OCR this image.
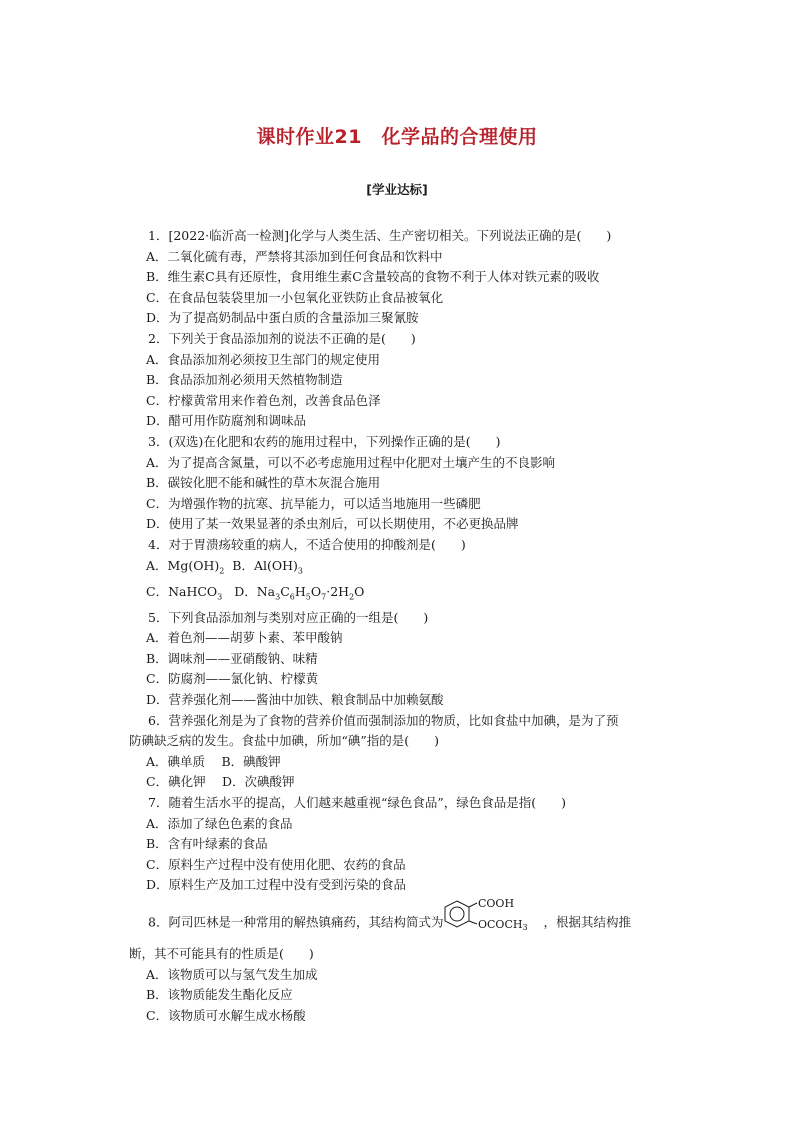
课时作业21　化学品的合理使用
[学业达标]
1．[2022·临沂高一检测]化学与人类生活、生产密切相关。下列说法正确的是(　　)
A．二氧化硫有毒，严禁将其添加到任何食品和饮料中
B．维生素C具有还原性，食用维生素C含量较高的食物不利于人体对铁元素的吸收
C．在食品包装袋里加一小包氧化亚铁防止食品被氧化
D．为了提高奶制品中蛋白质的含量添加三聚氰胺
2．下列关于食品添加剂的说法不正确的是(　　)
A．食品添加剂必须按卫生部门的规定使用
B．食品添加剂必须用天然植物制造
C．柠檬黄常用来作着色剂，改善食品色泽
D．醋可用作防腐剂和调味品
3．(双选)在化肥和农药的施用过程中，下列操作正确的是(　　)
A．为了提高含氮量，可以不必考虑施用过程中化肥对土壤产生的不良影响
B．碳铵化肥不能和碱性的草木灰混合施用
C．为增强作物的抗寒、抗旱能力，可以适当地施用一些磷肥
D．使用了某一效果显著的杀虫剂后，可以长期使用，不必更换品牌
4．对于胃溃疡较重的病人，不适合使用的抑酸剂是(　　)
A．$Mg(OH)_2$ B．$Al(OH)_3$
C．NaHCO$_3$ D．$Na_3C_6H_5O_7\cdot 2H_2O$
5．下列食品添加剂与类别对应正确的一组是(　　)
A．着色剂——胡萝卜素、苯甲酸钠
B．调味剂——亚硝酸钠、味精
C．防腐剂——氯化钠、柠檬黄
D．营养强化剂——酱油中加铁、粮食制品中加赖氨酸
6．营养强化剂是为了食物的营养价值而强制添加的物质，比如食盐中加碘，是为了预
防碘缺乏病的发生。食盐中加碘，所加“碘”指的是(　　)
A．碘单质　 B．碘酸钾
C．碘化钾　 D．次碘酸钾
7．随着生活水平的提高，人们越来越重视“绿色食品”，绿色食品是指(　　)
A．添加了绿色色素的食品
B．含有叶绿素的食品
C．原料生产过程中没有使用化肥、农药的食品
D．原料生产及加工过程中没有受到污染的食品
8．阿司匹林是一种常用的解热镇痛药，其结构简式为
COOH
OCOCH3 ，根据其结构推
断，其不可能具有的性质是(　　)
A．该物质可以与氢气发生加成
B．该物质能发生酯化反应
C．该物质可水解生成水杨酸
